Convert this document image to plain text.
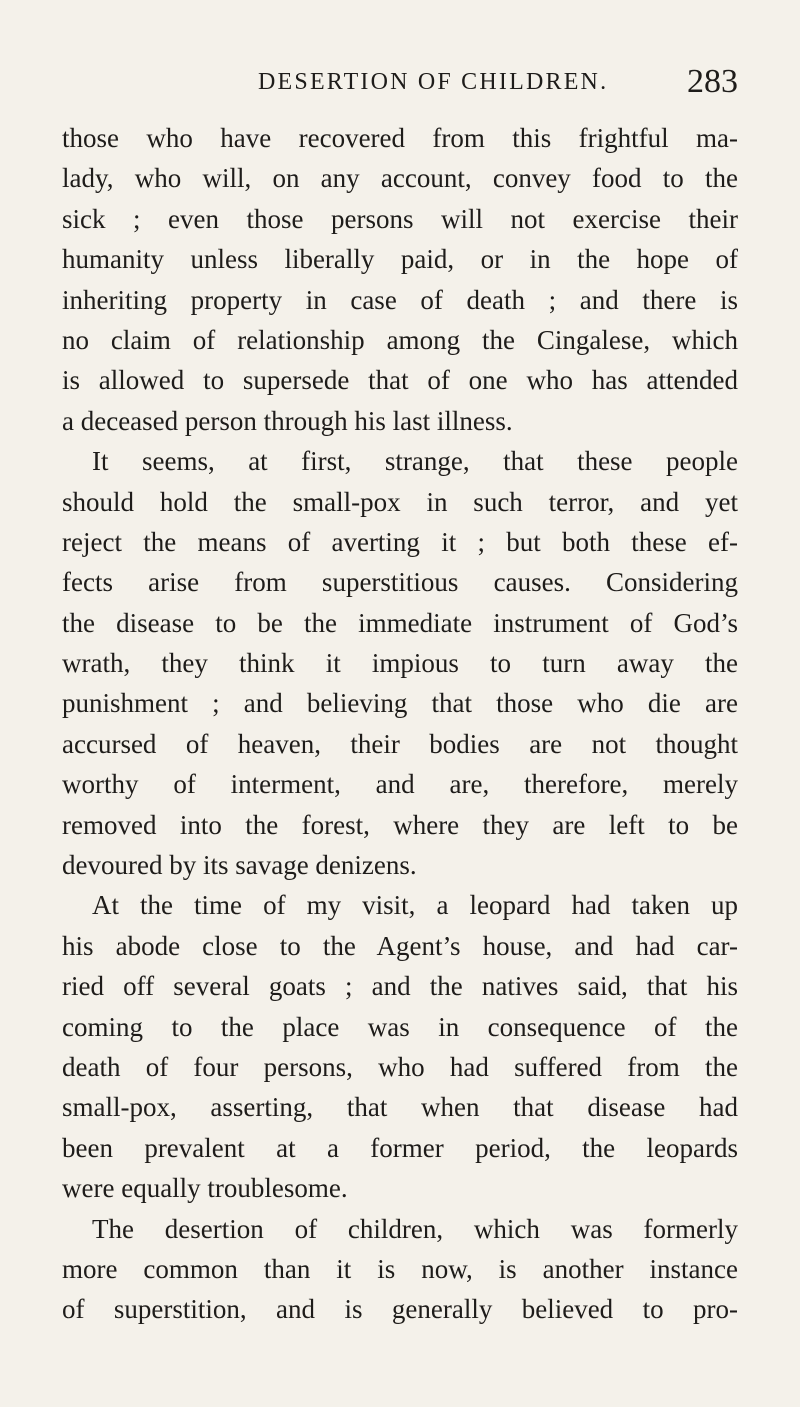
DESERTION OF CHILDREN. 283
those who have recovered from this frightful ma-
lady, who will, on any account, convey food to the
sick ; even those persons will not exercise their
humanity unless liberally paid, or in the hope of
inheriting property in case of death ; and there is
no claim of relationship among the Cingalese, which
is allowed to supersede that of one who has attended
a deceased person through his last illness.
It seems, at first, strange, that these people
should hold the small-pox in such terror, and yet
reject the means of averting it ; but both these ef-
fects arise from superstitious causes. Considering
the disease to be the immediate instrument of God’s
wrath, they think it impious to turn away the
punishment ; and believing that those who die are
accursed of heaven, their bodies are not thought
worthy of interment, and are, therefore, merely
removed into the forest, where they are left to be
devoured by its savage denizens.
At the time of my visit, a leopard had taken up
his abode close to the Agent’s house, and had car-
ried off several goats ; and the natives said, that his
coming to the place was in consequence of the
death of four persons, who had suffered from the
small-pox, asserting, that when that disease had
been prevalent at a former period, the leopards
were equally troublesome.
The desertion of children, which was formerly
more common than it is now, is another instance
of superstition, and is generally believed to pro-
